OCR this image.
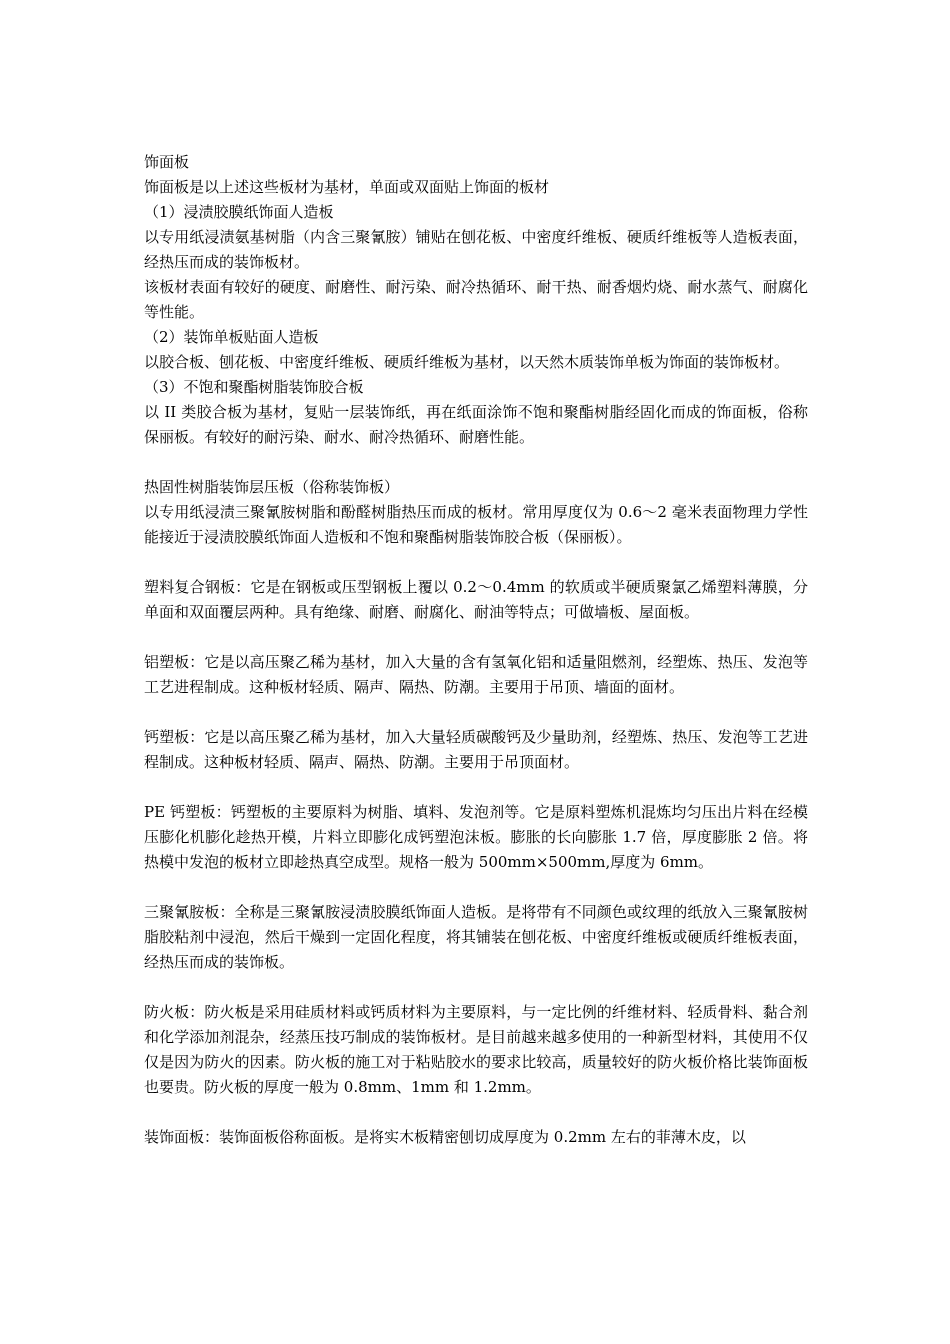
饰面板

饰面板是以上述这些板材为基材，单面或双面贴上饰面的板材

（1）浸渍胶膜纸饰面人造板

以专用纸浸渍氨基树脂（内含三聚氰胺）铺贴在刨花板、中密度纤维板、硬质纤维板等人造板表面，经热压而成的装饰板材。

该板材表面有较好的硬度、耐磨性、耐污染、耐冷热循环、耐干热、耐香烟灼烧、耐水蒸气、耐腐化等性能。

（2）装饰单板贴面人造板

以胶合板、刨花板、中密度纤维板、硬质纤维板为基材，以天然木质装饰单板为饰面的装饰板材。

（3）不饱和聚酯树脂装饰胶合板

以 II 类胶合板为基材，复贴一层装饰纸，再在纸面涂饰不饱和聚酯树脂经固化而成的饰面板，俗称保丽板。有较好的耐污染、耐水、耐冷热循环、耐磨性能。

热固性树脂装饰层压板（俗称装饰板）

以专用纸浸渍三聚氰胺树脂和酚醛树脂热压而成的板材。常用厚度仅为 0.6～2 毫米表面物理力学性能接近于浸渍胶膜纸饰面人造板和不饱和聚酯树脂装饰胶合板（保丽板）。

塑料复合钢板：它是在钢板或压型钢板上覆以 0.2～0.4mm 的软质或半硬质聚氯乙烯塑料薄膜，分单面和双面覆层两种。具有绝缘、耐磨、耐腐化、耐油等特点；可做墙板、屋面板。

铝塑板：它是以高压聚乙稀为基材，加入大量的含有氢氧化铝和适量阻燃剂，经塑炼、热压、发泡等工艺进程制成。这种板材轻质、隔声、隔热、防潮。主要用于吊顶、墙面的面材。

钙塑板：它是以高压聚乙稀为基材，加入大量轻质碳酸钙及少量助剂，经塑炼、热压、发泡等工艺进程制成。这种板材轻质、隔声、隔热、防潮。主要用于吊顶面材。

PE 钙塑板：钙塑板的主要原料为树脂、填料、发泡剂等。它是原料塑炼机混炼均匀压出片料在经模压膨化机膨化趁热开模，片料立即膨化成钙塑泡沫板。膨胀的长向膨胀 1.7 倍，厚度膨胀 2 倍。将热模中发泡的板材立即趁热真空成型。规格一般为 500mm×500mm,厚度为 6mm。

三聚氰胺板：全称是三聚氰胺浸渍胶膜纸饰面人造板。是将带有不同颜色或纹理的纸放入三聚氰胺树脂胶粘剂中浸泡，然后干燥到一定固化程度，将其铺装在刨花板、中密度纤维板或硬质纤维板表面，经热压而成的装饰板。

防火板：防火板是采用硅质材料或钙质材料为主要原料，与一定比例的纤维材料、轻质骨料、黏合剂和化学添加剂混杂，经蒸压技巧制成的装饰板材。是目前越来越多使用的一种新型材料，其使用不仅仅是因为防火的因素。防火板的施工对于粘贴胶水的要求比较高，质量较好的防火板价格比装饰面板也要贵。防火板的厚度一般为 0.8mm、1mm 和 1.2mm。

装饰面板：装饰面板俗称面板。是将实木板精密刨切成厚度为 0.2mm 左右的菲薄木皮，以
